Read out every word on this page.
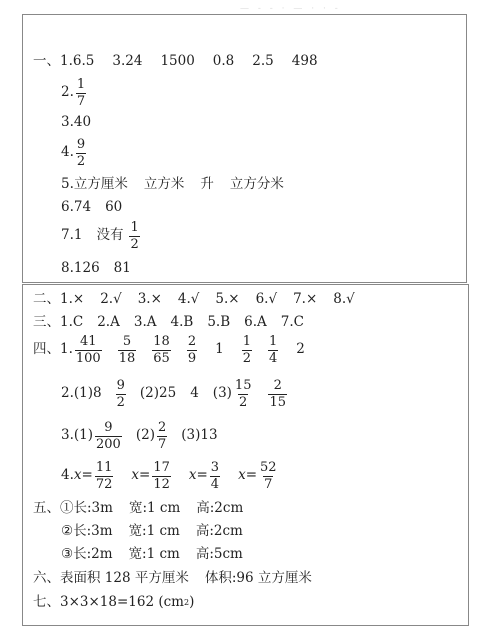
— ‐ - · — · · ‐
一、1. 6.5 3.24 1500 0.8 2.5 498
2. $\frac{1}{7}$
3.40
4. $\frac{9}{2}$
5. 立方厘米 立方米 升 立方分米
6. 74 60
7. 1 没有 $\frac{1}{2}$
8. 126 81
二、 1.× 2.√ 3.× 4.√ 5.× 6.√ 7.× 8.√
三、 1.C 2.A 3.A 4.B 5.B 6.A 7.C
四、1. $\frac{41}{100} \frac{5}{18} \frac{18}{65} \frac{2}{9} 1 \frac{1}{2} \frac{1}{4} 2$
2. $(1)8 \frac{9}{2} (2)25$ 4 $(3) \frac{15}{2} \frac{2}{15}$
3. $(1) \frac{9}{200} (2) \frac{2}{7} (3)13$
4. $x = \frac{11}{72}$ $x = \frac{17}{12}$ $x = \frac{3}{4}$ $x = \frac{52}{7}$
五、① 长:3m 宽:1 cm 高:2cm
② 长:3m 宽:1 cm 高:2cm
③ 长:2m 宽:1 cm 高:5cm
六、表面积 128 平方厘米 体积:96 立方厘米
七、3×3×18=162 (cm 2 )
